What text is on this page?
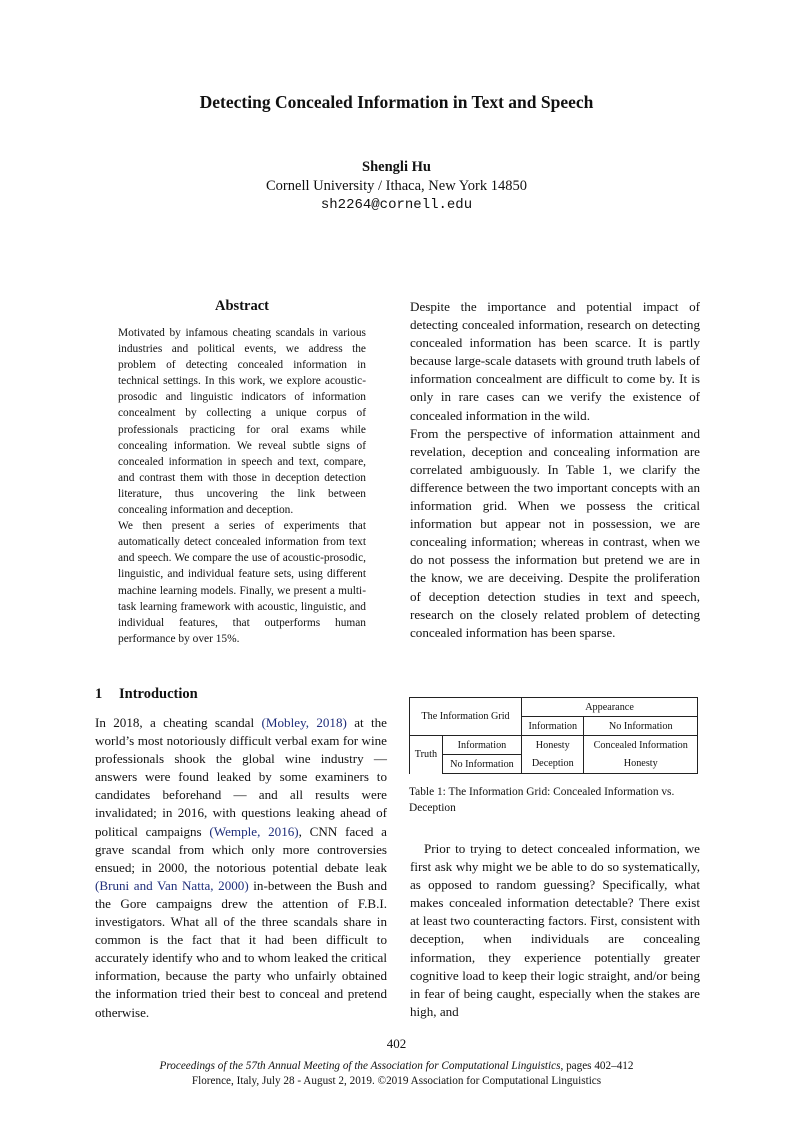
Detecting Concealed Information in Text and Speech
Shengli Hu
Cornell University / Ithaca, New York 14850
sh2264@cornell.edu
Abstract

Motivated by infamous cheating scandals in various industries and political events, we address the problem of detecting concealed information in technical settings. In this work, we explore acoustic-prosodic and linguistic indicators of information concealment by collecting a unique corpus of professionals practicing for oral exams while concealing information. We reveal subtle signs of concealed information in speech and text, compare, and contrast them with those in deception detection literature, thus uncovering the link between concealing information and deception.

We then present a series of experiments that automatically detect concealed information from text and speech. We compare the use of acoustic-prosodic, linguistic, and individual feature sets, using different machine learning models. Finally, we present a multi-task learning framework with acoustic, linguistic, and individual features, that outperforms human performance by over 15%.

1 Introduction

In 2018, a cheating scandal (Mobley, 2018) at the world’s most notoriously difficult verbal exam for wine professionals shook the global wine industry — answers were found leaked by some examiners to candidates beforehand — and all results were invalidated; in 2016, with questions leaking ahead of political campaigns (Wemple, 2016), CNN faced a grave scandal from which only more controversies ensued; in 2000, the notorious potential debate leak (Bruni and Van Natta, 2000) in-between the Bush and the Gore campaigns drew the attention of F.B.I. investigators. What all of the three scandals share in common is the fact that it had been difficult to accurately identify who and to whom leaked the critical information, because the party who unfairly obtained the information tried their best to conceal and pretend otherwise.

Despite the importance and potential impact of detecting concealed information, research on detecting concealed information has been scarce. It is partly because large-scale datasets with ground truth labels of information concealment are difficult to come by. It is only in rare cases can we verify the existence of concealed information in the wild.

From the perspective of information attainment and revelation, deception and concealing information are correlated ambiguously. In Table 1, we clarify the difference between the two important concepts with an information grid. When we possess the critical information but appear not in possession, we are concealing information; whereas in contrast, when we do not possess the information but pretend we are in the know, we are deceiving. Despite the proliferation of deception detection studies in text and speech, research on the closely related problem of detecting concealed information has been sparse.

The Information Grid		Appearance	
		Information	No Information
Truth	Information	Honesty	Concealed Information
	No Information	Deception	Honesty
Table 1: The Information Grid: Concealed Information vs. Deception

Prior to trying to detect concealed information, we first ask why might we be able to do so systematically, as opposed to random guessing? Specifically, what makes concealed information detectable? There exist at least two counteracting factors. First, consistent with deception, when individuals are concealing information, they experience potentially greater cognitive load to keep their logic straight, and/or being in fear of being caught, especially when the stakes are high, and

402
Proceedings of the 57th Annual Meeting of the Association for Computational Linguistics, pages 402–412
Florence, Italy, July 28 - August 2, 2019. ©2019 Association for Computational Linguistics
